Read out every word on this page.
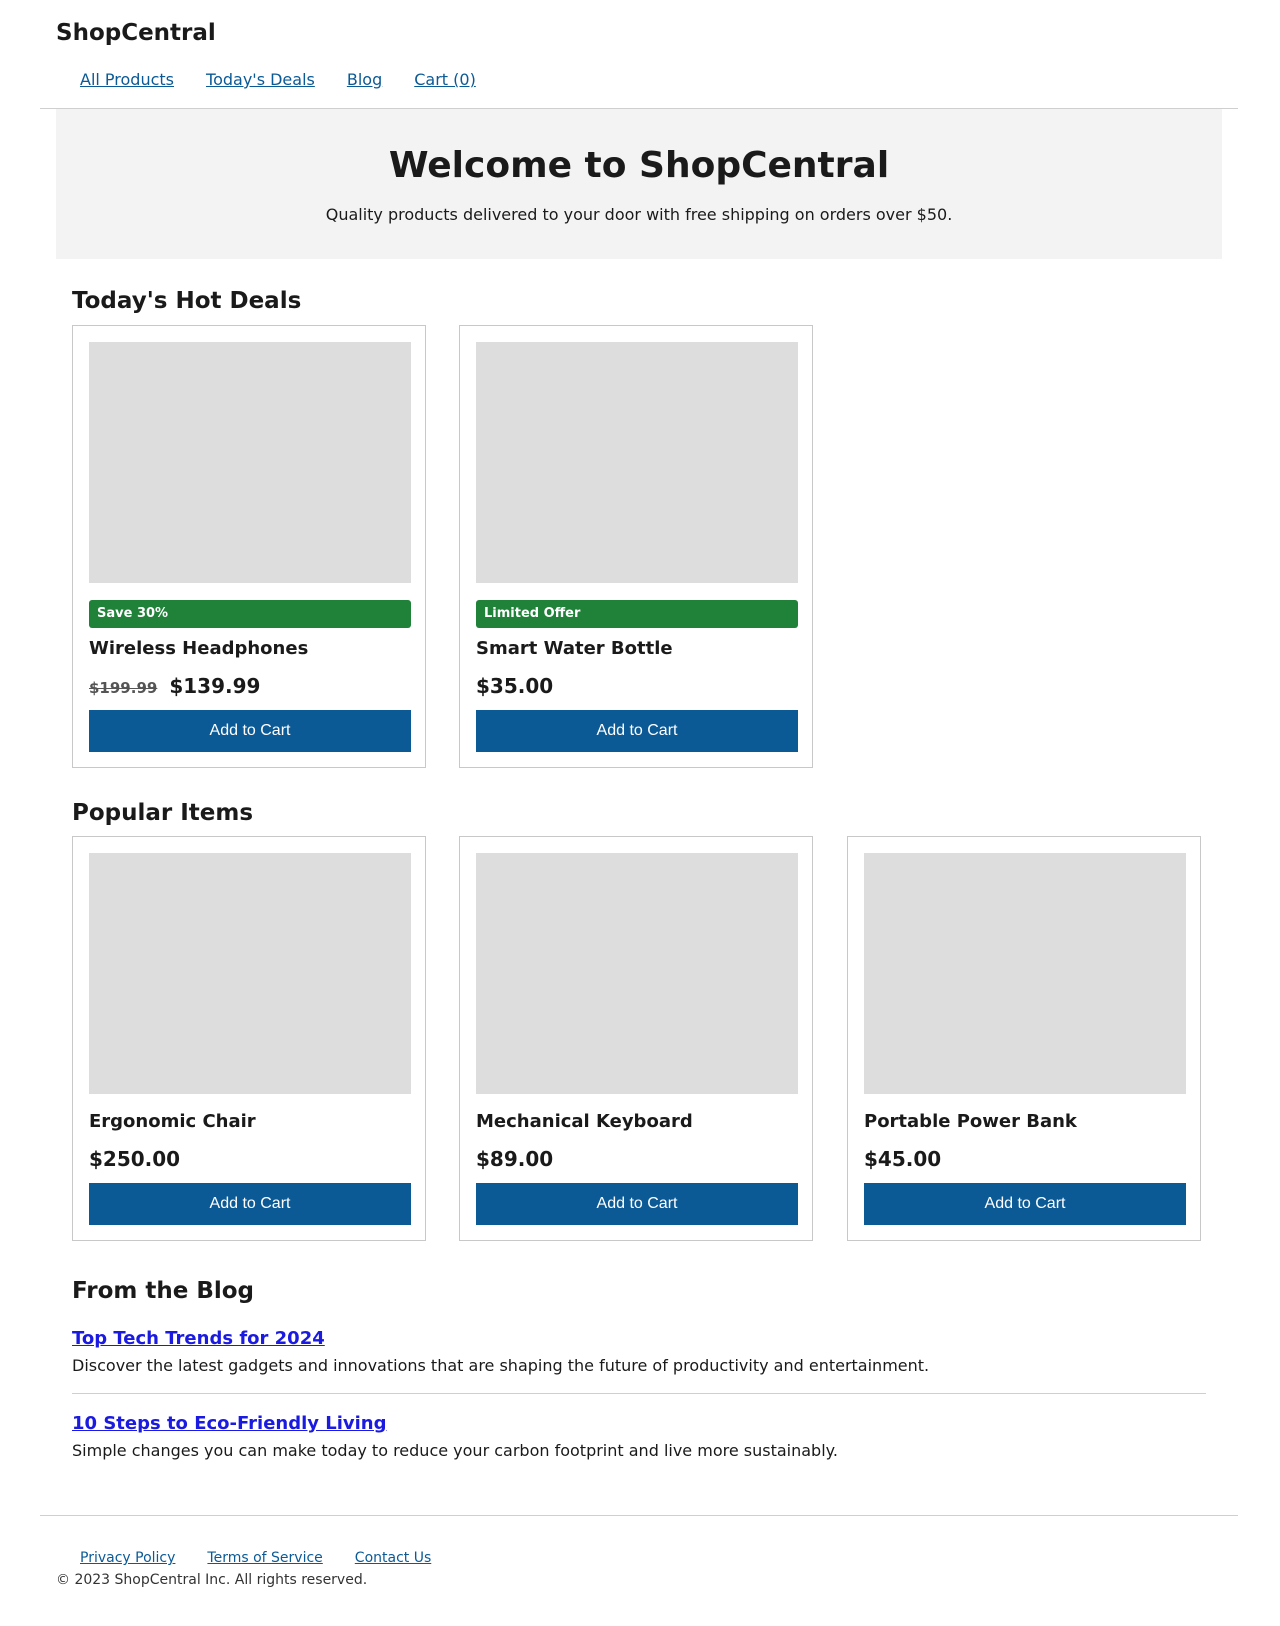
ShopCentral
All Products Today's Deals Blog Cart (0)
Welcome to ShopCentral

Quality products delivered to your door with free shipping on orders over $50.

Today's Hot Deals
Save 30%
Wireless Headphones
$199.99 $139.99
Add to Cart
Limited Offer
Smart Water Bottle
$35.00
Add to Cart
Popular Items
Ergonomic Chair
$250.00
Add to Cart
Mechanical Keyboard
$89.00
Add to Cart
Portable Power Bank
$45.00
Add to Cart
From the Blog
Top Tech Trends for 2024

Discover the latest gadgets and innovations that are shaping the future of productivity and entertainment.

10 Steps to Eco-Friendly Living

Simple changes you can make today to reduce your carbon footprint and live more sustainably.

Privacy Policy Terms of Service Contact Us

© 2023 ShopCentral Inc. All rights reserved.
